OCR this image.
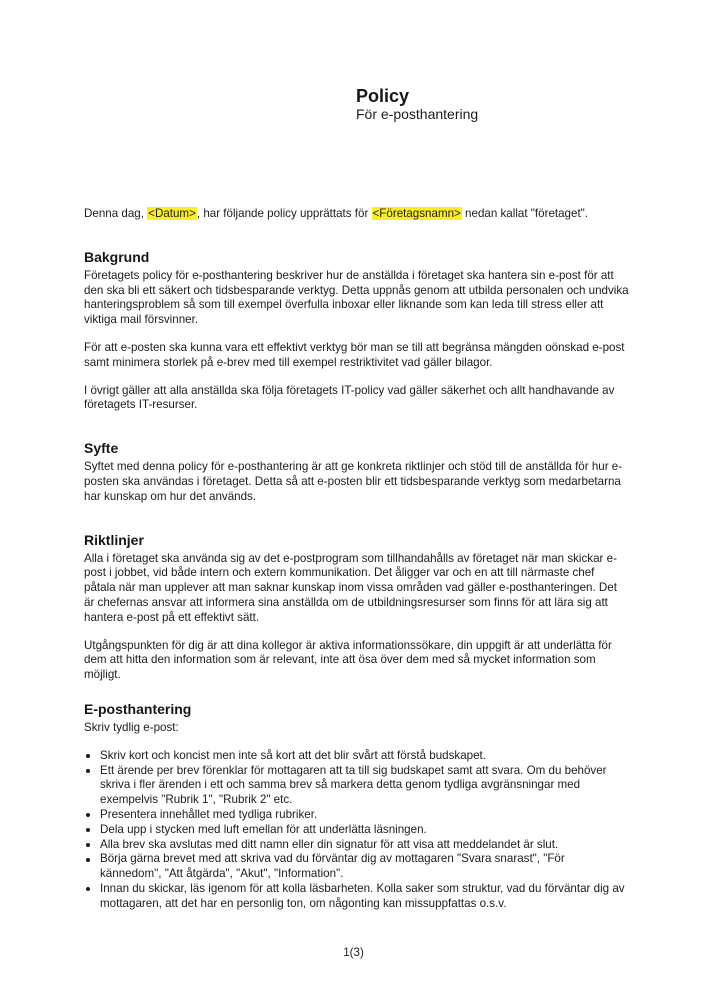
Policy
För e-posthantering

Denna dag, <Datum>, har följande policy upprättats för <Företagsnamn> nedan kallat "företaget".

Bakgrund

Företagets policy för e-posthantering beskriver hur de anställda i företaget ska hantera sin e-post för att den ska bli ett säkert och tidsbesparande verktyg. Detta uppnås genom att utbilda personalen och undvika hanteringsproblem så som till exempel överfulla inboxar eller liknande som kan leda till stress eller att viktiga mail försvinner.

För att e-posten ska kunna vara ett effektivt verktyg bör man se till att begränsa mängden oönskad e-post samt minimera storlek på e-brev med till exempel restriktivitet vad gäller bilagor.

I övrigt gäller att alla anställda ska följa företagets IT-policy vad gäller säkerhet och allt handhavande av företagets IT-resurser.

Syfte

Syftet med denna policy för e-posthantering är att ge konkreta riktlinjer och stöd till de anställda för hur e-posten ska användas i företaget. Detta så att e-posten blir ett tidsbesparande verktyg som medarbetarna har kunskap om hur det används.

Riktlinjer

Alla i företaget ska använda sig av det e-postprogram som tillhandahålls av företaget när man skickar e-post i jobbet, vid både intern och extern kommunikation. Det åligger var och en att till närmaste chef påtala när man upplever att man saknar kunskap inom vissa områden vad gäller e-posthanteringen. Det är chefernas ansvar att informera sina anställda om de utbildningsresurser som finns för att lära sig att hantera e-post på ett effektivt sätt.

Utgångspunkten för dig är att dina kollegor är aktiva informationssökare, din uppgift är att underlätta för dem att hitta den information som är relevant, inte att ösa över dem med så mycket information som möjligt.

E-posthantering

Skriv tydlig e-post:

Skriv kort och koncist men inte så kort att det blir svårt att förstå budskapet.
Ett ärende per brev förenklar för mottagaren att ta till sig budskapet samt att svara. Om du behöver skriva i fler ärenden i ett och samma brev så markera detta genom tydliga avgränsningar med exempelvis "Rubrik 1", "Rubrik 2" etc.
Presentera innehållet med tydliga rubriker.
Dela upp i stycken med luft emellan för att underlätta läsningen.
Alla brev ska avslutas med ditt namn eller din signatur för att visa att meddelandet är slut.
Börja gärna brevet med att skriva vad du förväntar dig av mottagaren "Svara snarast", "För kännedom", "Att åtgärda", "Akut", "Information".
Innan du skickar, läs igenom för att kolla läsbarheten. Kolla saker som struktur, vad du förväntar dig av mottagaren, att det har en personlig ton, om någonting kan missuppfattas o.s.v.
1(3)
